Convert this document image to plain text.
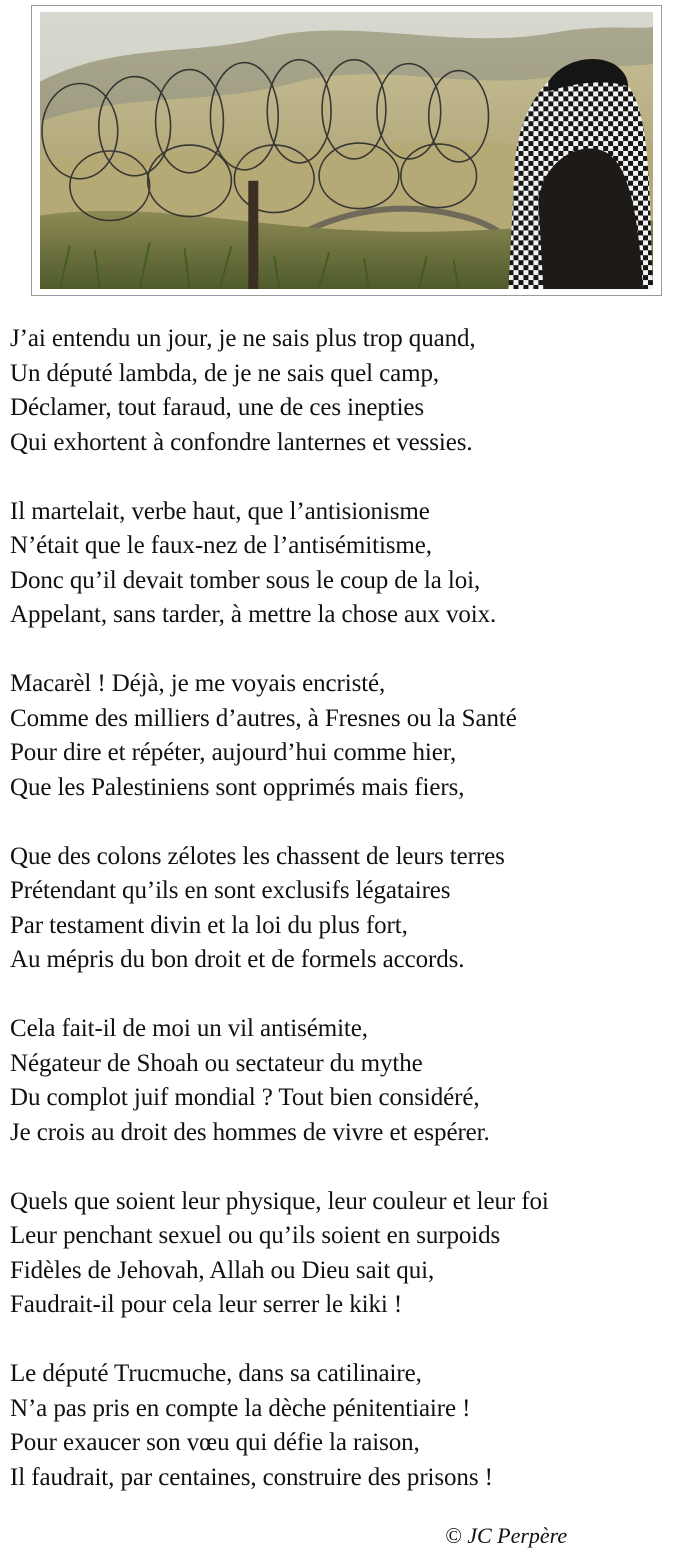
J’ai entendu un jour, je ne sais plus trop quand,
Un député lambda, de je ne sais quel camp,
Déclamer, tout faraud, une de ces inepties
Qui exhortent à confondre lanternes et vessies.
Il martelait, verbe haut, que l’antisionisme
N’était que le faux-nez de l’antisémitisme,
Donc qu’il devait tomber sous le coup de la loi,
Appelant, sans tarder, à mettre la chose aux voix.
Macarèl ! Déjà, je me voyais encristé,
Comme des milliers d’autres, à Fresnes ou la Santé
Pour dire et répéter, aujourd’hui comme hier,
Que les Palestiniens sont opprimés mais fiers,
Que des colons zélotes les chassent de leurs terres
Prétendant qu’ils en sont exclusifs légataires
Par testament divin et la loi du plus fort,
Au mépris du bon droit et de formels accords.
Cela fait-il de moi un vil antisémite,
Négateur de Shoah ou sectateur du mythe
Du complot juif mondial ? Tout bien considéré,
Je crois au droit des hommes de vivre et espérer.
Quels que soient leur physique, leur couleur et leur foi
Leur penchant sexuel ou qu’ils soient en surpoids
Fidèles de Jehovah, Allah ou Dieu sait qui,
Faudrait-il pour cela leur serrer le kiki !
Le député Trucmuche, dans sa catilinaire,
N’a pas pris en compte la dèche pénitentiaire !
Pour exaucer son vœu qui défie la raison,
Il faudrait, par centaines, construire des prisons !
© JC Perpère
